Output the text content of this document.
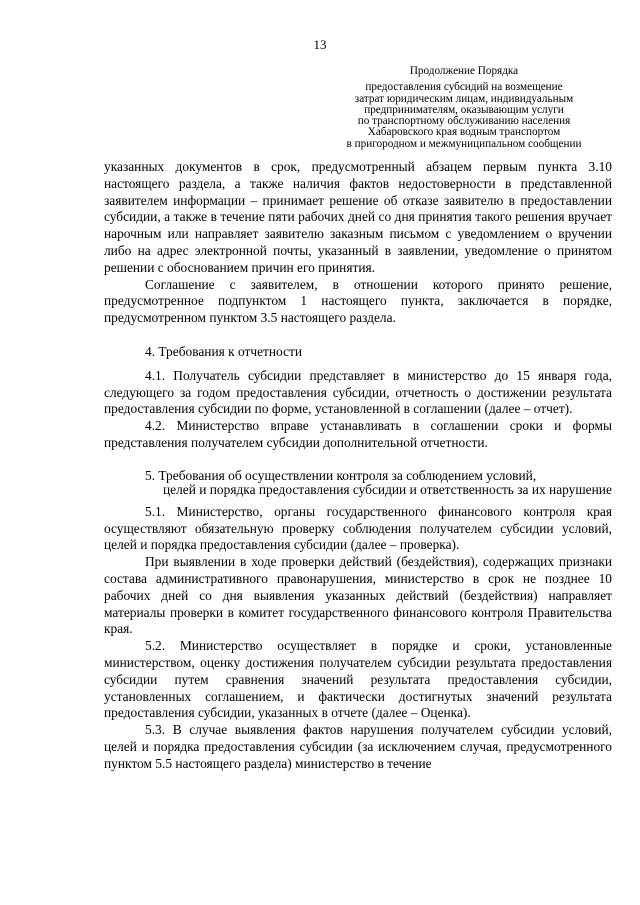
13
Продолжение Порядка
предоставления субсидий на возмещение
затрат юридическим лицам, индивидуальным
предпринимателям, оказывающим услуги
по транспортному обслуживанию населения
Хабаровского края водным транспортом
в пригородном и межмуниципальном сообщении

указанных документов в срок, предусмотренный абзацем первым пункта 3.10 настоящего раздела, а также наличия фактов недостоверности в представленной заявителем информации – принимает решение об отказе заявителю в предоставлении субсидии, а также в течение пяти рабочих дней со дня принятия такого решения вручает нарочным или направляет заявителю заказным письмом с уведомлением о вручении либо на адрес электронной почты, указанный в заявлении, уведомление о принятом решении с обоснованием причин его принятия.

Соглашение с заявителем, в отношении которого принято решение, предусмотренное подпунктом 1 настоящего пункта, заключается в порядке, предусмотренном пунктом 3.5 настоящего раздела.

4. Требования к отчетности

4.1. Получатель субсидии представляет в министерство до 15 января года, следующего за годом предоставления субсидии, отчетность о достижении результата предоставления субсидии по форме, установленной в соглашении (далее – отчет).

4.2. Министерство вправе устанавливать в соглашении сроки и формы представления получателем субсидии дополнительной отчетности.

5. Требования об осуществлении контроля за соблюдением условий,
целей и порядка предоставления субсидии и ответственность за их нарушение

5.1. Министерство, органы государственного финансового контроля края осуществляют обязательную проверку соблюдения получателем субсидии условий, целей и порядка предоставления субсидии (далее – проверка).

При выявлении в ходе проверки действий (бездействия), содержащих признаки состава административного правонарушения, министерство в срок не позднее 10 рабочих дней со дня выявления указанных действий (бездействия) направляет материалы проверки в комитет государственного финансового контроля Правительства края.

5.2. Министерство осуществляет в порядке и сроки, установленные министерством, оценку достижения получателем субсидии результата предоставления субсидии путем сравнения значений результата предоставления субсидии, установленных соглашением, и фактически достигнутых значений результата предоставления субсидии, указанных в отчете (далее – Оценка).

5.3. В случае выявления фактов нарушения получателем субсидии условий, целей и порядка предоставления субсидии (за исключением случая, предусмотренного пунктом 5.5 настоящего раздела) министерство в течение
